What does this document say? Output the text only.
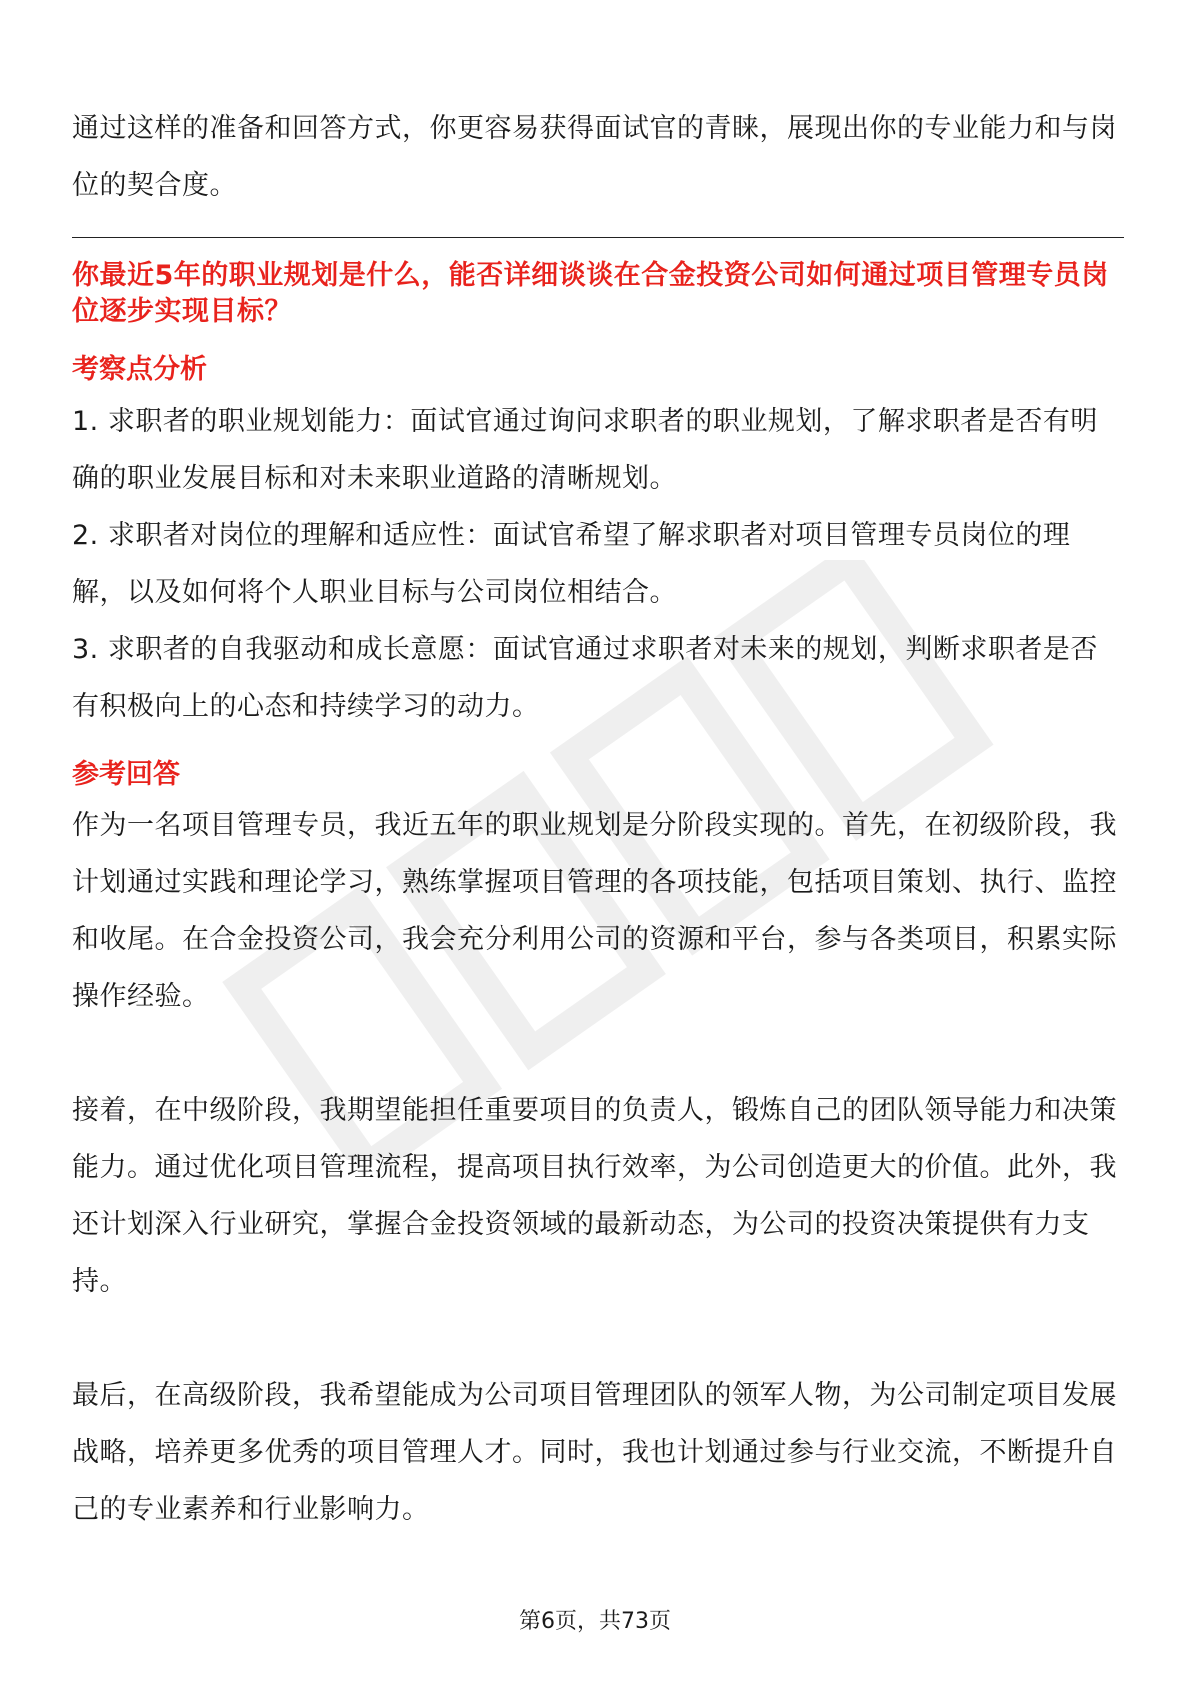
通过这样的准备和回答方式，你更容易获得面试官的青睐，展现出你的专业能力和与岗位的契合度。

你最近5年的职业规划是什么，能否详细谈谈在合金投资公司如何通过项目管理专员岗位逐步实现目标？

考察点分析

1. 求职者的职业规划能力：面试官通过询问求职者的职业规划，了解求职者是否有明确的职业发展目标和对未来职业道路的清晰规划。

2. 求职者对岗位的理解和适应性：面试官希望了解求职者对项目管理专员岗位的理解，以及如何将个人职业目标与公司岗位相结合。

3. 求职者的自我驱动和成长意愿：面试官通过求职者对未来的规划，判断求职者是否有积极向上的心态和持续学习的动力。

参考回答

作为一名项目管理专员，我近五年的职业规划是分阶段实现的。首先，在初级阶段，我计划通过实践和理论学习，熟练掌握项目管理的各项技能，包括项目策划、执行、监控和收尾。在合金投资公司，我会充分利用公司的资源和平台，参与各类项目，积累实际操作经验。

接着，在中级阶段，我期望能担任重要项目的负责人，锻炼自己的团队领导能力和决策能力。通过优化项目管理流程，提高项目执行效率，为公司创造更大的价值。此外，我还计划深入行业研究，掌握合金投资领域的最新动态，为公司的投资决策提供有力支持。

最后，在高级阶段，我希望能成为公司项目管理团队的领军人物，为公司制定项目发展战略，培养更多优秀的项目管理人才。同时，我也计划通过参与行业交流，不断提升自己的专业素养和行业影响力。

第6页，共73页
